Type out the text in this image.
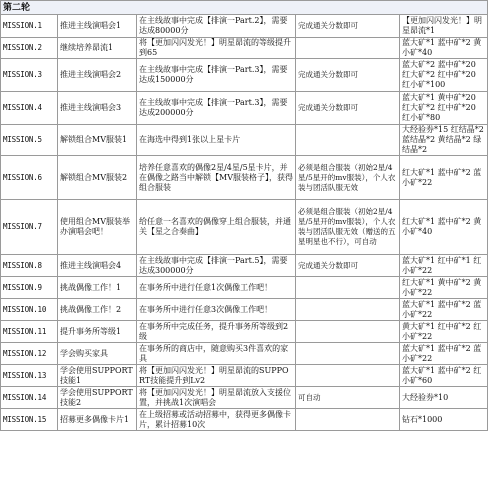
第二轮				
MISSION.1	推进主线演唱会1	在主线故事中完成【排演一Part.2】，需要达成80000分	完成通关分数即可	【更加闪闪发光！】明星昴流*1
MISSION.2	继续培养昴流1	将【更加闪闪发光！】明星昴流的等级提升到65		蓝大矿*1 蓝中矿*2 黄小矿*40
MISSION.3	推进主线演唱会2	在主线故事中完成【排演一Part.3】，需要达成150000分	完成通关分数即可	蓝大矿*2 蓝中矿*20 红大矿*2 红中矿*20 红小矿*100
MISSION.4	推进主线演唱会3	在主线故事中完成【排演一Part.3】，需要达成200000分	完成通关分数即可	蓝大矿*1 黄中矿*20 红大矿*2 红中矿*20 红小矿*80
MISSION.5	解锁组合MV服装1	在海选中得到1张以上星卡片		大经验券*15 红结晶*2 蓝结晶*2 黄结晶*2 绿结晶*2
MISSION.6	解锁组合MV服装2	培养任意喜欢的偶像2星/4星/5星卡片，并在偶像之路当中解锁【MV服装格子】，获得组合服装	必须是组合服装（初始2星/4星/5星开的mv服装），个人衣装与团活队服无效	红大矿*1 蓝中矿*2 蓝小矿*22
MISSION.7	使用组合MV服装举办演唱会吧！	给任意一名喜欢的偶像穿上组合服装，并通关【星之合奏曲】	必须是组合服装（初始2星/4星/5星开的mv服装），个人衣装与团活队服无效（赠送的五星明星也不行），可自动	红大矿*1 蓝中矿*2 黄小矿*40
MISSION.8	推进主线演唱会4	在主线故事中完成【排演一Part.5】，需要达成300000分	完成通关分数即可	蓝大矿*1 红中矿*1 红小矿*22
MISSION.9	挑战偶像工作！1	在事务所中进行任意1次偶像工作吧！		红大矿*1 黄中矿*2 黄小矿*22
MISSION.10	挑战偶像工作！2	在事务所中进行任意3次偶像工作吧！		蓝大矿*1 蓝中矿*2 蓝小矿*22
MISSION.11	提升事务所等级1	在事务所中完成任务，提升事务所等级到2级		黄大矿*1 红中矿*2 红小矿*22
MISSION.12	学会购买家具	在事务所的商店中，随意购买3件喜欢的家具		蓝大矿*1 蓝中矿*2 蓝小矿*22
MISSION.13	学会使用SUPPORT技能1	将【更加闪闪发光！】明星昴流的SUPPORT技能提升到Lv2		蓝大矿*1 蓝中矿*2 红小矿*60
MISSION.14	学会使用SUPPORT技能2	将【更加闪闪发光！】明星昴流放入支援位置，并挑战1次演唱会	可自动	大经验券*10
MISSION.15	招募更多偶像卡片1	在上级招募或活动招募中，获得更多偶像卡片，累计招募10次		钻石*1000
